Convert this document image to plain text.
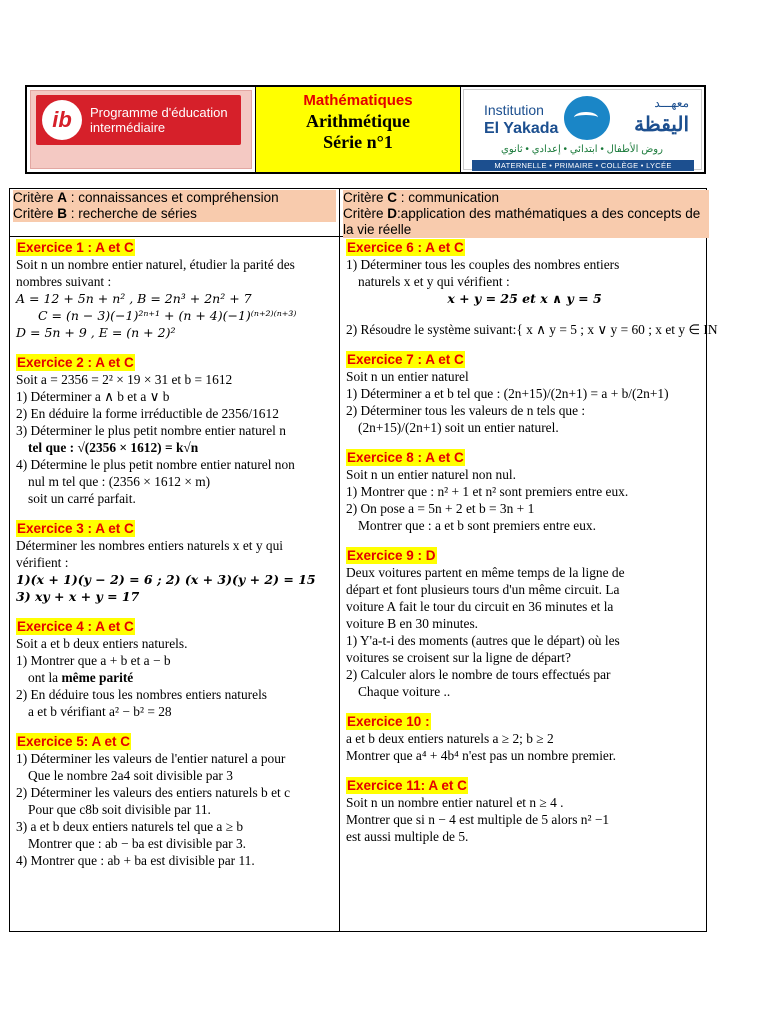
ib	Programme d'éducation
intermédiaire
Mathématiques
Arithmétique
Série n°1
Institution
El Yakada
معهـــد
اليقظة
روض الأطفال • ابتدائي • إعدادي • ثانوي
MATERNELLE • PRIMAIRE • COLLÈGE • LYCÉE
Critère A : connaissances et compréhension
Critère B : recherche de séries
Critère C : communication
Critère D:application des mathématiques a des concepts de la vie réelle
Exercice 1 : A et C
Soit n un nombre entier naturel, étudier la parité des
nombres suivant :
A = 12 + 5n + n² , B = 2n³ + 2n² + 7
C = (n − 3)(−1)²ⁿ⁺¹ + (n + 4)(−1)⁽ⁿ⁺²⁾⁽ⁿ⁺³⁾
D = 5n + 9 , E = (n + 2)²
Exercice 2 : A et C
Soit a = 2356 = 2² × 19 × 31 et b = 1612
1) Déterminer a ∧ b et a ∨ b
2) En déduire la forme irréductible de 2356/1612
3) Déterminer le plus petit nombre entier naturel n
tel que : √(2356 × 1612) = k√n
4) Détermine le plus petit nombre entier naturel non
nul m tel que : (2356 × 1612 × m)
soit un carré parfait.
Exercice 3 : A et C
Déterminer les nombres entiers naturels x et y qui
vérifient :
1)(x + 1)(y − 2) = 6 ; 2) (x + 3)(y + 2) = 15
3) xy + x + y = 17
Exercice 4 : A et C
Soit a et b deux entiers naturels.
1) Montrer que a + b et a − b
ont la même parité
2) En déduire tous les nombres entiers naturels
a et b vérifiant a² − b² = 28
Exercice 5: A et C
1) Déterminer les valeurs de l'entier naturel a pour
Que le nombre 2a4 soit divisible par 3
2) Déterminer les valeurs des entiers naturels b et c
Pour que c8b soit divisible par 11.
3) a et b deux entiers naturels tel que a ≥ b
Montrer que : ab − ba est divisible par 3.
4) Montrer que : ab + ba est divisible par 11.
Exercice 6 : A et C
1) Déterminer tous les couples des nombres entiers
naturels x et y qui vérifient :
x + y = 25 et x ∧ y = 5
2) Résoudre le système suivant:{ x ∧ y = 5 ; x ∨ y = 60 ; x et y ∈ IN
Exercice 7 : A et C
Soit n un entier naturel
1) Déterminer a et b tel que : (2n+15)/(2n+1) = a + b/(2n+1)
2) Déterminer tous les valeurs de n tels que :
(2n+15)/(2n+1) soit un entier naturel.
Exercice 8 : A et C
Soit n un entier naturel non nul.
1) Montrer que : n² + 1 et n² sont premiers entre eux.
2) On pose a = 5n + 2 et b = 3n + 1
Montrer que : a et b sont premiers entre eux.
Exercice 9 : D
Deux voitures partent en même temps de la ligne de
départ et font plusieurs tours d'un même circuit. La
voiture A fait le tour du circuit en 36 minutes et la
voiture B en 30 minutes.
1) Y'a-t-i des moments (autres que le départ) où les
voitures se croisent sur la ligne de départ?
2) Calculer alors le nombre de tours effectués par
Chaque voiture ..
Exercice 10 :
a et b deux entiers naturels a ≥ 2; b ≥ 2
Montrer que a⁴ + 4b⁴ n'est pas un nombre premier.
Exercice 11: A et C
Soit n un nombre entier naturel et n ≥ 4 .
Montrer que si n − 4 est multiple de 5 alors n² −1
est aussi multiple de 5.
